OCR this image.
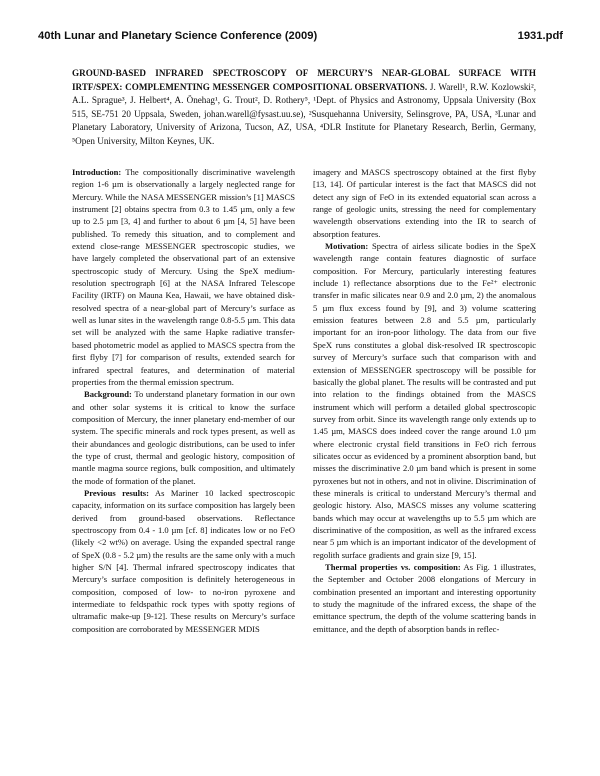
40th Lunar and Planetary Science Conference (2009)	1931.pdf
GROUND-BASED INFRARED SPECTROSCOPY OF MERCURY’S NEAR-GLOBAL SURFACE WITH IRTF/SPEX: COMPLEMENTING MESSENGER COMPOSITIONAL OBSERVATIONS. J. Warell¹, R.W. Kozlowski², A.L. Sprague³, J. Helbert⁴, A. Önehag¹, G. Trout², D. Rothery⁵, ¹Dept. of Physics and Astronomy, Uppsala University (Box 515, SE-751 20 Uppsala, Sweden, johan.warell@fysast.uu.se), ²Susquehanna University, Selinsgrove, PA, USA, ³Lunar and Planetary Laboratory, University of Arizona, Tucson, AZ, USA, ⁴DLR Institute for Planetary Research, Berlin, Germany, ⁵Open University, Milton Keynes, UK.

Introduction: The compositionally discriminative wavelength region 1-6 µm is observationally a largely neglected range for Mercury. While the NASA MESSENGER mission’s [1] MASCS instrument [2] obtains spectra from 0.3 to 1.45 µm, only a few up to 2.5 µm [3, 4] and further to about 6 µm [4, 5] have been published. To remedy this situation, and to complement and extend close-range MESSENGER spectroscopic studies, we have largely completed the observational part of an extensive spectroscopic study of Mercury. Using the SpeX medium-resolution spectrograph [6] at the NASA Infrared Telescope Facility (IRTF) on Mauna Kea, Hawaii, we have obtained disk-resolved spectra of a near-global part of Mercury’s surface as well as lunar sites in the wavelength range 0.8-5.5 µm. This data set will be analyzed with the same Hapke radiative transfer-based photometric model as applied to MASCS spectra from the first flyby [7] for comparison of results, extended search for infrared spectral features, and determination of material properties from the thermal emission spectrum.

Background: To understand planetary formation in our own and other solar systems it is critical to know the surface composition of Mercury, the inner planetary end-member of our system. The specific minerals and rock types present, as well as their abundances and geologic distributions, can be used to infer the type of crust, thermal and geologic history, composition of mantle magma source regions, bulk composition, and ultimately the mode of formation of the planet.

Previous results: As Mariner 10 lacked spectroscopic capacity, information on its surface composition has largely been derived from ground-based observations. Reflectance spectroscopy from 0.4 - 1.0 µm [cf. 8] indicates low or no FeO (likely <2 wt%) on average. Using the expanded spectral range of SpeX (0.8 - 5.2 µm) the results are the same only with a much higher S/N [4]. Thermal infrared spectroscopy indicates that Mercury’s surface composition is definitely heterogeneous in composition, composed of low- to no-iron pyroxene and intermediate to feldspathic rock types with spotty regions of ultramafic make-up [9-12]. These results on Mercury’s surface composition are corroborated by MESSENGER MDIS

imagery and MASCS spectroscopy obtained at the first flyby [13, 14]. Of particular interest is the fact that MASCS did not detect any sign of FeO in its extended equatorial scan across a range of geologic units, stressing the need for complementary wavelength observations extending into the IR to search of absorption features.

Motivation: Spectra of airless silicate bodies in the SpeX wavelength range contain features diagnostic of surface composition. For Mercury, particularly interesting features include 1) reflectance absorptions due to the Fe²⁺ electronic transfer in mafic silicates near 0.9 and 2.0 µm, 2) the anomalous 5 µm flux excess found by [9], and 3) volume scattering emission features between 2.8 and 5.5 µm, particularly important for an iron-poor lithology. The data from our five SpeX runs constitutes a global disk-resolved IR spectroscopic survey of Mercury’s surface such that comparison with and extension of MESSENGER spectroscopy will be possible for basically the global planet. The results will be contrasted and put into relation to the findings obtained from the MASCS instrument which will perform a detailed global spectroscopic survey from orbit. Since its wavelength range only extends up to 1.45 µm, MASCS does indeed cover the range around 1.0 µm where electronic crystal field transitions in FeO rich ferrous silicates occur as evidenced by a prominent absorption band, but misses the discriminative 2.0 µm band which is present in some pyroxenes but not in others, and not in olivine. Discrimination of these minerals is critical to understand Mercury’s thermal and geologic history. Also, MASCS misses any volume scattering bands which may occur at wavelengths up to 5.5 µm which are discriminative of the composition, as well as the infrared excess near 5 µm which is an important indicator of the development of regolith surface gradients and grain size [9, 15].

Thermal properties vs. composition: As Fig. 1 illustrates, the September and October 2008 elongations of Mercury in combination presented an important and interesting opportunity to study the magnitude of the infrared excess, the shape of the emittance spectrum, the depth of the volume scattering bands in emittance, and the depth of absorption bands in reflec-
